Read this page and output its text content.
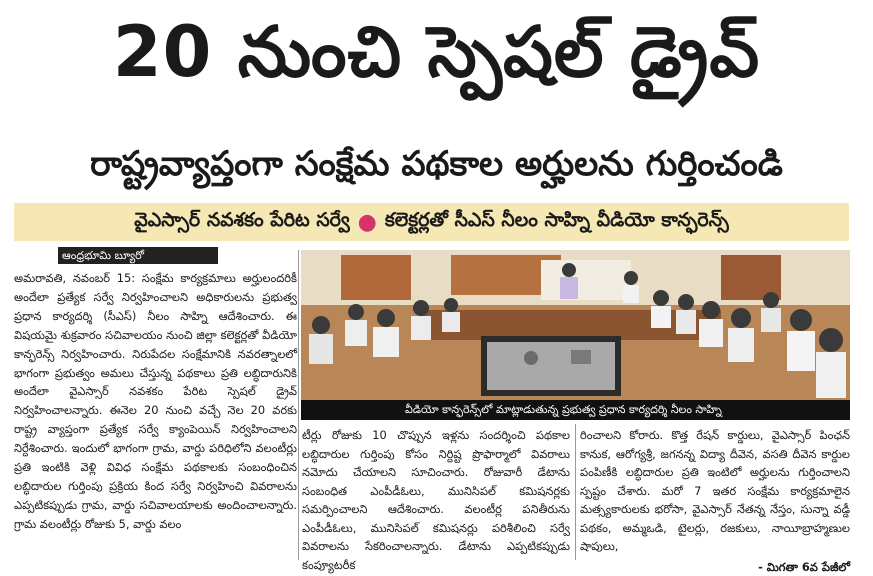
20 నుంచి స్పెషల్‌ డ్రైవ్‌
రాష్ట్రవ్యాప్తంగా సంక్షేమ పథకాల అర్హులను గుర్తించండి
వైఎస్సార్‌ నవశకం పేరిట సర్వే ● కలెక్టర్లతో సీఎస్‌ నీలం సాహ్ని వీడియో కాన్ఫరెన్స్‌
ఆంధ్రభూమి బ్యూరో

అమరావతి, నవంబర్‌ 15: సంక్షేమ కార్యక్రమాలు అర్హులందరికీ అందేలా ప్రత్యేక సర్వే నిర్వహించాలని అధికారులను ప్రభుత్వ ప్రధాన కార్యదర్శి (సీఎస్‌) నీలం సాహ్ని ఆదేశించారు. ఈ విషయమై శుక్రవారం సచివాలయం నుంచి జిల్లా కలెక్టర్లతో వీడియో కాన్ఫరెన్స్‌ నిర్వహించారు. నిరుపేదల సంక్షేమానికి నవరత్నాలలో భాగంగా ప్రభుత్వం అమలు చేస్తున్న పథకాలు ప్రతి లబ్ధిదారునికి అందేలా వైఎస్సార్‌ నవశకం పేరిట స్పెషల్‌ డ్రైవ్‌ నిర్వహించాలన్నారు. ఈనెల 20 నుంచి వచ్చే నెల 20 వరకు రాష్ట్ర వ్యాప్తంగా ప్రత్యేక సర్వే క్యాంపెయిన్‌ నిర్వహించాలని నిర్దేశించారు. ఇందులో భాగంగా గ్రామ, వార్డు పరిధిలోని వలంటీర్లు ప్రతి ఇంటికి వెళ్లి వివిధ సంక్షేమ పథకాలకు సంబంధించిన లబ్ధిదారుల గుర్తింపు ప్రక్రియ కింద సర్వే నిర్వహించి వివరాలను ఎప్పటికప్పుడు గ్రామ, వార్డు సచివాలయాలకు అందించాలన్నారు. గ్రామ వలంటీర్లు రోజుకు 5, వార్డు వలం

వీడియో కాన్ఫరెన్స్‌లో మాట్లాడుతున్న ప్రభుత్వ ప్రధాన కార్యదర్శి నీలం సాహ్ని

టీర్లు రోజుకు 10 చొప్పున ఇళ్లను సందర్శించి పథకాల లబ్ధిదారుల గుర్తింపు కోసం నిర్దిష్ట ప్రొఫార్మాలో వివరాలు నమోదు చేయాలని సూచించారు. రోజువారీ డేటాను సంబంధిత ఎంపీడీఓలు, మునిసిపల్‌ కమిషనర్లకు సమర్పించాలని ఆదేశించారు. వలంటీర్ల పనితీరును ఎంపీడీఓలు, మునిసిపల్‌ కమిషనర్లు పరిశీలించి సర్వే వివరాలను సేకరించాలన్నారు. డేటాను ఎప్పటికప్పుడు కంప్యూటరీక

రించాలని కోరారు. కొత్త రేషన్‌ కార్డులు, వైఎస్సార్‌ పింఛన్‌ కానుక, ఆరోగ్యశ్రీ, జగనన్న విద్యా దీవెన, వసతి దీవెన కార్డుల పంపిణీకి లబ్ధిదారుల ప్రతి ఇంటిలో అర్హులను గుర్తించాలని స్పష్టం చేశారు. మరో 7 ఇతర సంక్షేమ కార్యక్రమాలైన మత్స్యకారులకు భరోసా, వైఎస్సార్‌ నేతన్న నేస్తం, సున్నా వడ్డీ పథకం, అమ్మఒడి, టైలర్లు, రజకులు, నాయీబ్రాహ్మణుల షాపులు,

- మిగతా 6వ పేజీలో
